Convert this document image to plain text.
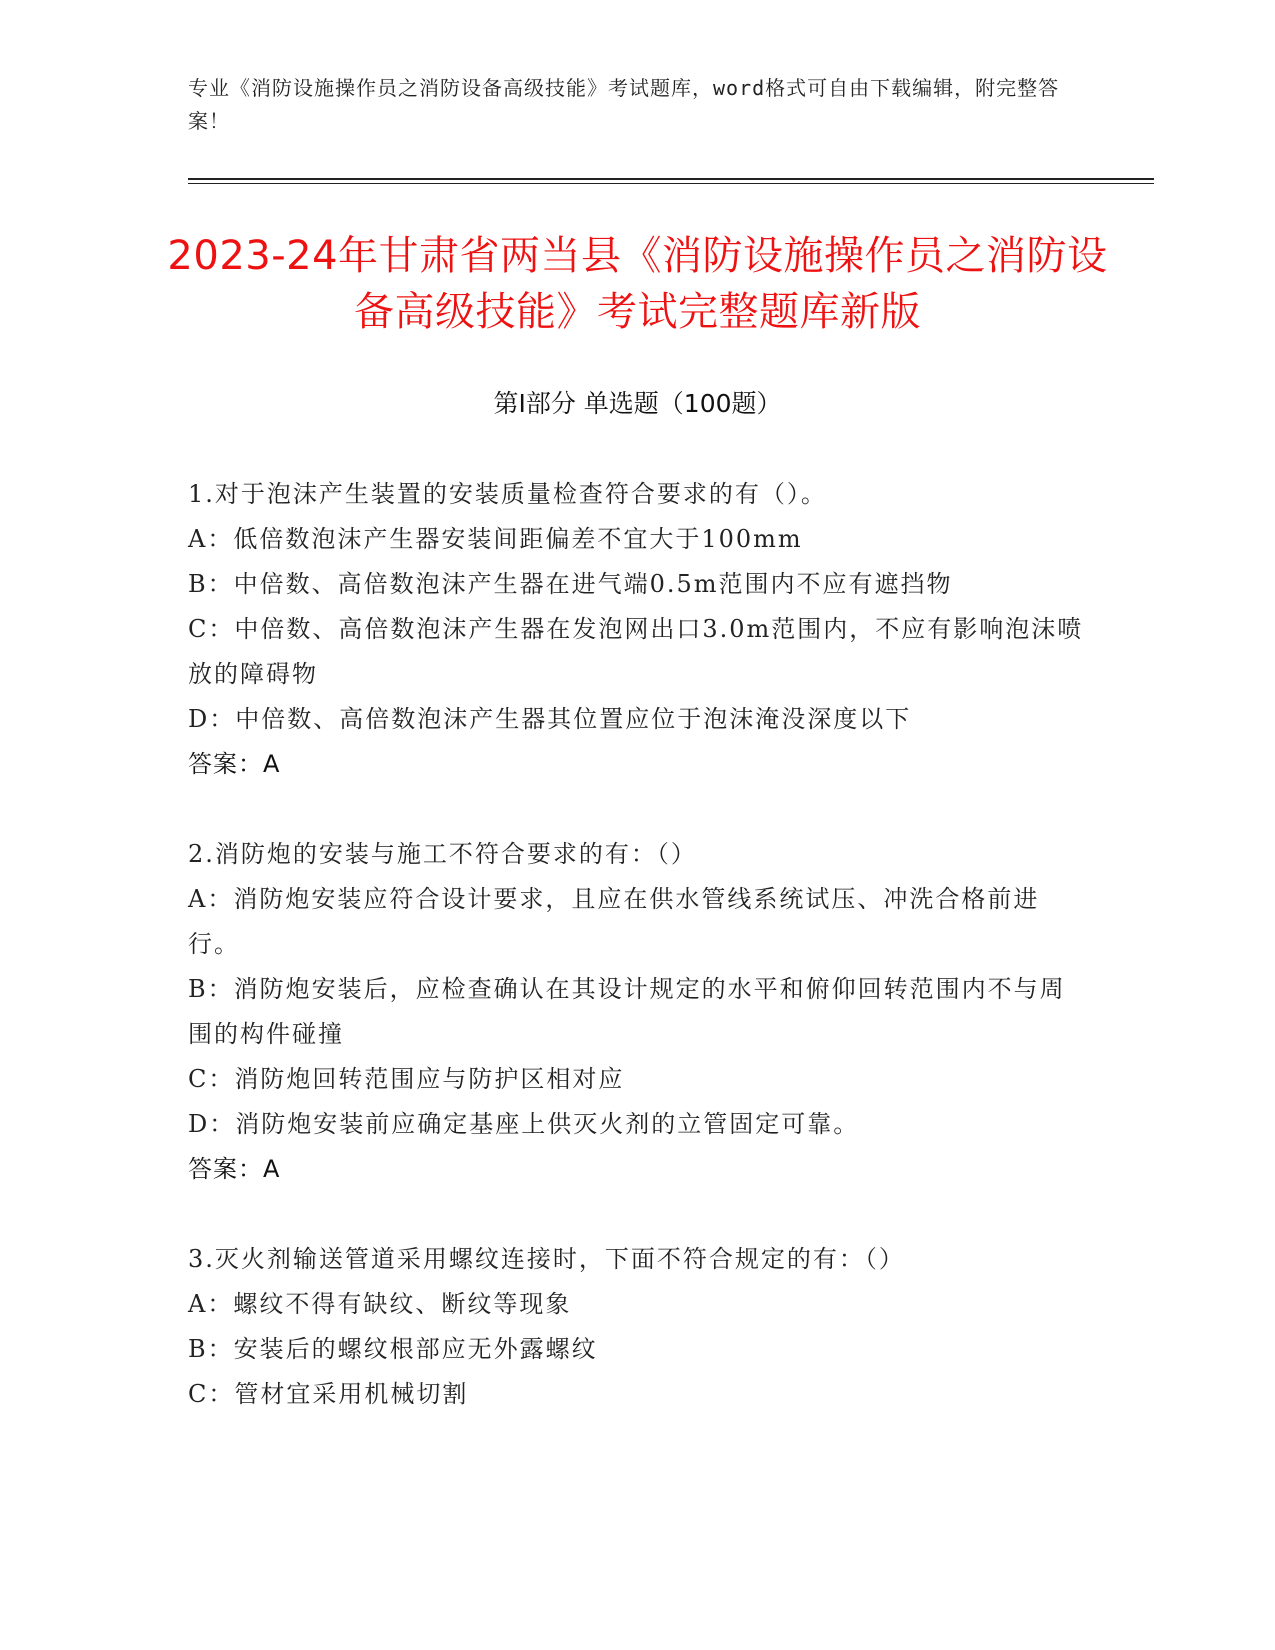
专业《消防设施操作员之消防设备高级技能》考试题库，word格式可自由下载编辑，附完整答案！
2023-24年甘肃省两当县《消防设施操作员之消防设备高级技能》考试完整题库新版
第Ⅰ部分 单选题（100题）
1.对于泡沫产生装置的安装质量检查符合要求的有（）。
A：低倍数泡沫产生器安装间距偏差不宜大于100mm
B：中倍数、高倍数泡沫产生器在进气端0.5m范围内不应有遮挡物
C：中倍数、高倍数泡沫产生器在发泡网出口3.0m范围内，不应有影响泡沫喷放的障碍物
D：中倍数、高倍数泡沫产生器其位置应位于泡沫淹没深度以下
答案：A
2.消防炮的安装与施工不符合要求的有：（）
A：消防炮安装应符合设计要求，且应在供水管线系统试压、冲洗合格前进行。
B：消防炮安装后，应检查确认在其设计规定的水平和俯仰回转范围内不与周围的构件碰撞
C：消防炮回转范围应与防护区相对应
D：消防炮安装前应确定基座上供灭火剂的立管固定可靠。
答案：A
3.灭火剂输送管道采用螺纹连接时，下面不符合规定的有：（）
A：螺纹不得有缺纹、断纹等现象
B：安装后的螺纹根部应无外露螺纹
C：管材宜采用机械切割
